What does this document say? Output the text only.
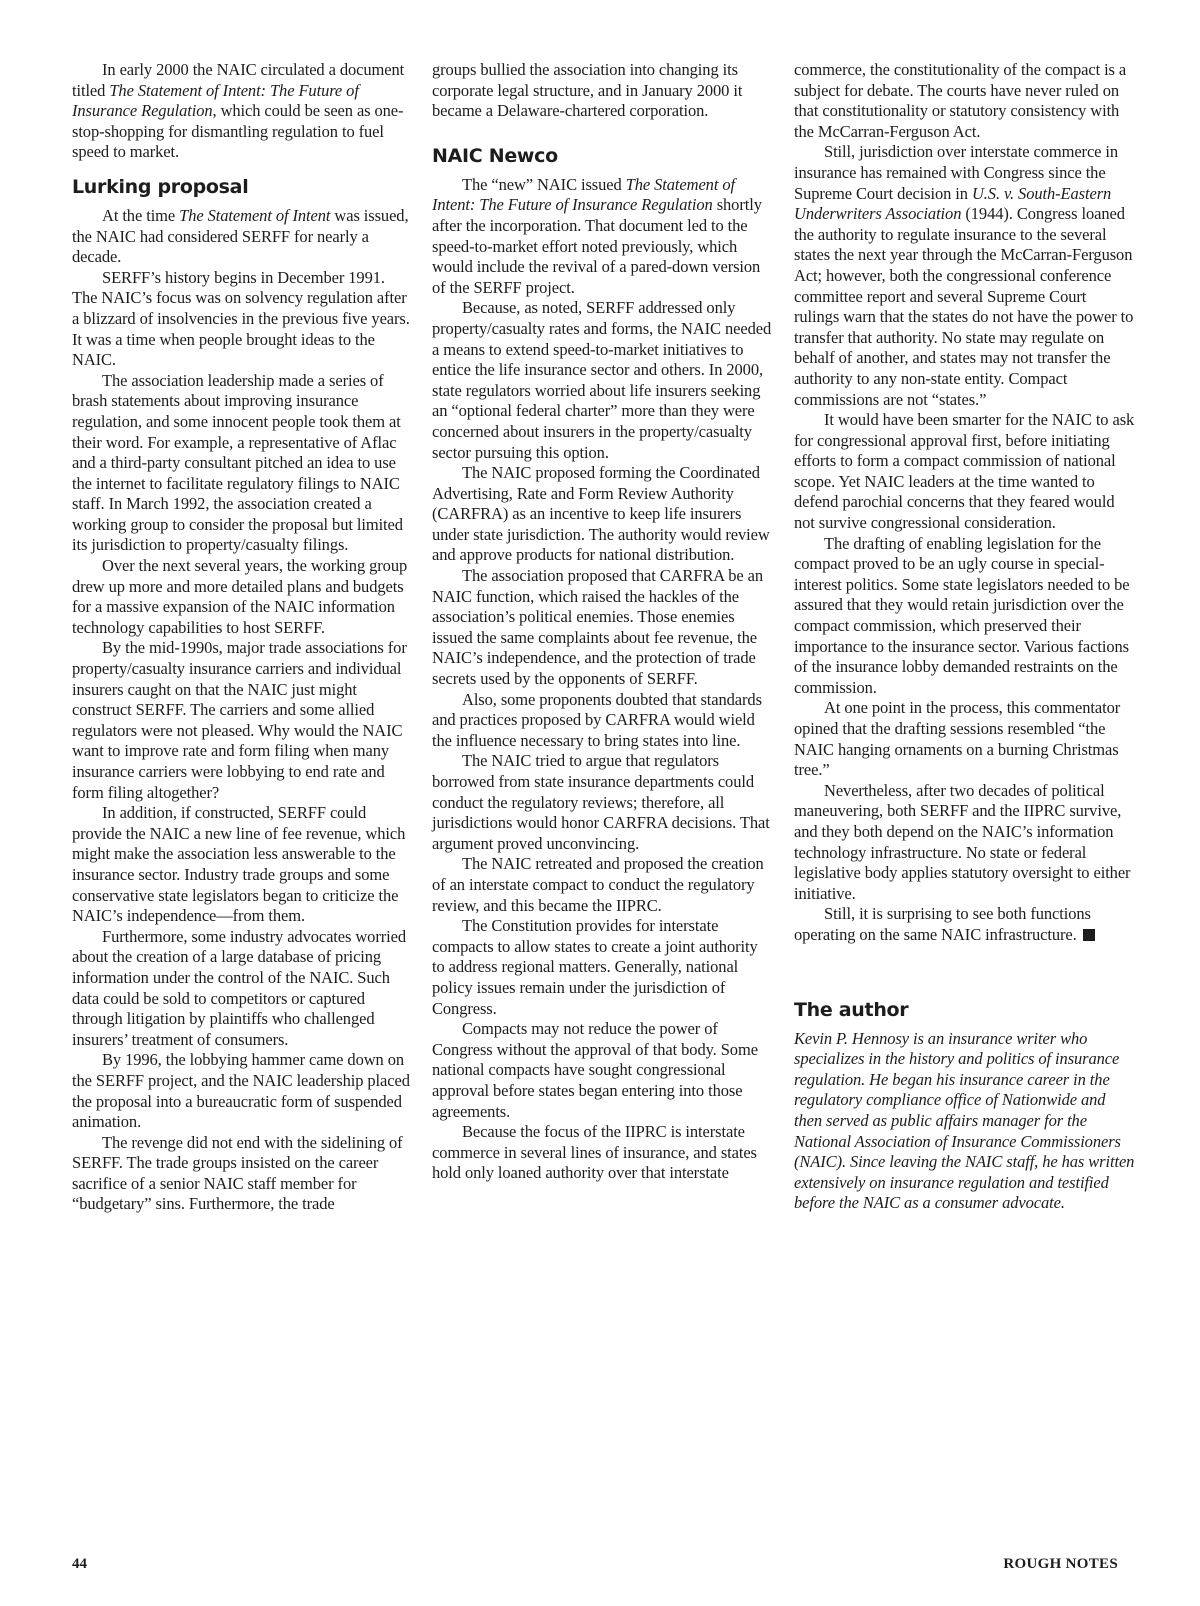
In early 2000 the NAIC circulated a document titled The Statement of Intent: The Future of Insurance Regulation, which could be seen as one-stop-shopping for dismantling regulation to fuel speed to market.

Lurking proposal

At the time The Statement of Intent was issued, the NAIC had considered SERFF for nearly a decade.

SERFF’s history begins in December 1991. The NAIC’s focus was on solvency regulation after a blizzard of insolvencies in the previous five years. It was a time when people brought ideas to the NAIC.

The association leadership made a series of brash statements about improving insurance regulation, and some innocent people took them at their word. For example, a representative of Aflac and a third-party consultant pitched an idea to use the internet to facilitate regulatory filings to NAIC staff. In March 1992, the association created a working group to consider the proposal but limited its jurisdiction to property/casualty filings.

Over the next several years, the working group drew up more and more detailed plans and budgets for a massive expansion of the NAIC information technology capabilities to host SERFF.

By the mid-1990s, major trade associations for property/casualty insurance carriers and individual insurers caught on that the NAIC just might construct SERFF. The carriers and some allied regulators were not pleased. Why would the NAIC want to improve rate and form filing when many insurance carriers were lobbying to end rate and form filing altogether?

In addition, if constructed, SERFF could provide the NAIC a new line of fee revenue, which might make the association less answerable to the insurance sector. Industry trade groups and some conservative state legislators began to criticize the NAIC’s independence—from them.

Furthermore, some industry advocates worried about the creation of a large database of pricing information under the control of the NAIC. Such data could be sold to competitors or captured through litigation by plaintiffs who challenged insurers’ treatment of consumers.

By 1996, the lobbying hammer came down on the SERFF project, and the NAIC leadership placed the proposal into a bureaucratic form of suspended animation.

The revenge did not end with the sidelining of SERFF. The trade groups insisted on the career sacrifice of a senior NAIC staff member for “budgetary” sins. Furthermore, the trade

groups bullied the association into changing its corporate legal structure, and in January 2000 it became a Delaware-chartered corporation.

NAIC Newco

The “new” NAIC issued The Statement of Intent: The Future of Insurance Regulation shortly after the incorporation. That document led to the speed-to-market effort noted previously, which would include the revival of a pared-down version of the SERFF project.

Because, as noted, SERFF addressed only property/casualty rates and forms, the NAIC needed a means to extend speed-to-market initiatives to entice the life insurance sector and others. In 2000, state regulators worried about life insurers seeking an “optional federal charter” more than they were concerned about insurers in the property/casualty sector pursuing this option.

The NAIC proposed forming the Coordinated Advertising, Rate and Form Review Authority (CARFRA) as an incentive to keep life insurers under state jurisdiction. The authority would review and approve products for national distribution.

The association proposed that CARFRA be an NAIC function, which raised the hackles of the association’s political enemies. Those enemies issued the same complaints about fee revenue, the NAIC’s independence, and the protection of trade secrets used by the opponents of SERFF.

Also, some proponents doubted that standards and practices proposed by CARFRA would wield the influence necessary to bring states into line.

The NAIC tried to argue that regulators borrowed from state insurance departments could conduct the regulatory reviews; therefore, all jurisdictions would honor CARFRA decisions. That argument proved unconvincing.

The NAIC retreated and proposed the creation of an interstate compact to conduct the regulatory review, and this became the IIPRC.

The Constitution provides for interstate compacts to allow states to create a joint authority to address regional matters. Generally, national policy issues remain under the jurisdiction of Congress.

Compacts may not reduce the power of Congress without the approval of that body. Some national compacts have sought congressional approval before states began entering into those agreements.

Because the focus of the IIPRC is interstate commerce in several lines of insurance, and states hold only loaned authority over that interstate

commerce, the constitutionality of the compact is a subject for debate. The courts have never ruled on that constitutionality or statutory consistency with the McCarran-Ferguson Act.

Still, jurisdiction over interstate commerce in insurance has remained with Congress since the Supreme Court decision in U.S. v. South-Eastern Underwriters Association (1944). Congress loaned the authority to regulate insurance to the several states the next year through the McCarran-Ferguson Act; however, both the congressional conference committee report and several Supreme Court rulings warn that the states do not have the power to transfer that authority. No state may regulate on behalf of another, and states may not transfer the authority to any non-state entity. Compact commissions are not “states.”

It would have been smarter for the NAIC to ask for congressional approval first, before initiating efforts to form a compact commission of national scope. Yet NAIC leaders at the time wanted to defend parochial concerns that they feared would not survive congressional consideration.

The drafting of enabling legislation for the compact proved to be an ugly course in special-interest politics. Some state legislators needed to be assured that they would retain jurisdiction over the compact commission, which preserved their importance to the insurance sector. Various factions of the insurance lobby demanded restraints on the commission.

At one point in the process, this commentator opined that the drafting sessions resembled “the NAIC hanging ornaments on a burning Christmas tree.”

Nevertheless, after two decades of political maneuvering, both SERFF and the IIPRC survive, and they both depend on the NAIC’s information technology infrastructure. No state or federal legislative body applies statutory oversight to either initiative.

Still, it is surprising to see both functions operating on the same NAIC infrastructure.

The author

Kevin P. Hennosy is an insurance writer who specializes in the history and politics of insurance regulation. He began his insurance career in the regulatory compliance office of Nationwide and then served as public affairs manager for the National Association of Insurance Commissioners (NAIC). Since leaving the NAIC staff, he has written extensively on insurance regulation and testified before the NAIC as a consumer advocate.

44	ROUGH NOTES
